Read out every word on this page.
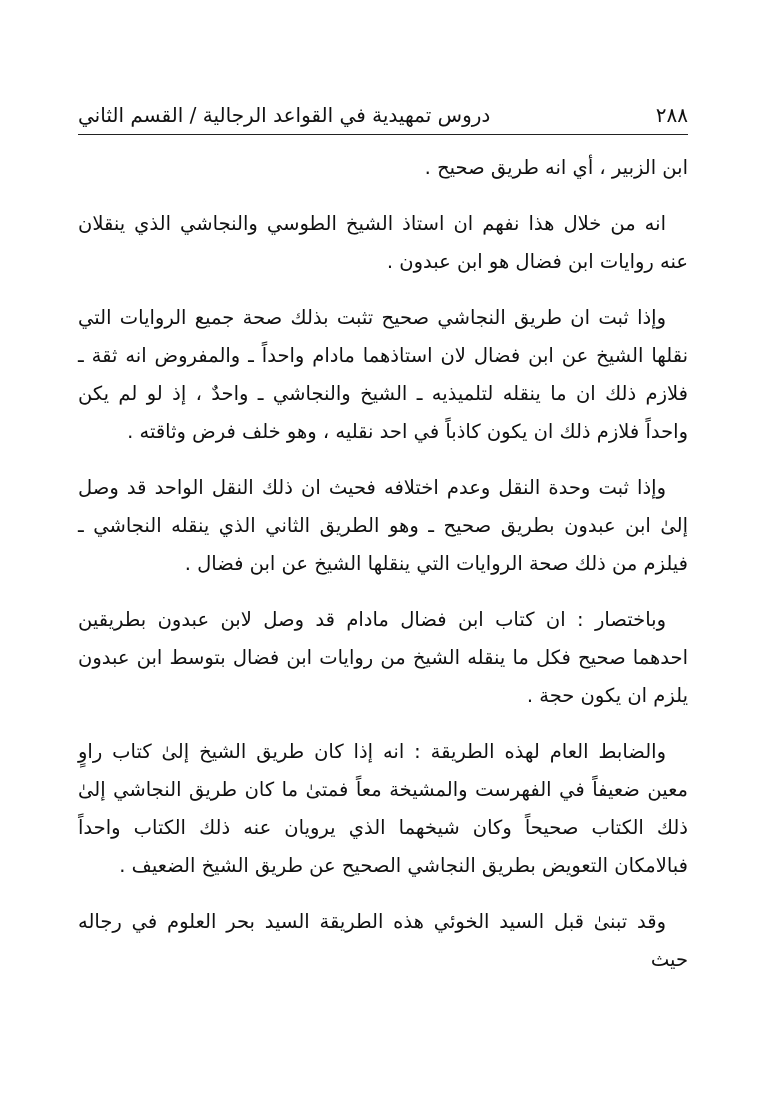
٢٨٨
دروس تمهيدية في القواعد الرجالية / القسم الثاني

ابن الزبير ، أي انه طريق صحيح .

انه من خلال هذا نفهم ان استاذ الشيخ الطوسي والنجاشي الذي ينقلان عنه روايات ابن فضال هو ابن عبدون .

وإذا ثبت ان طريق النجاشي صحيح تثبت بذلك صحة جميع الروايات التي نقلها الشيخ عن ابن فضال لان استاذهما مادام واحداً ـ والمفروض انه ثقة ـ فلازم ذلك ان ما ينقله لتلميذيه ـ الشيخ والنجاشي ـ واحدٌ ، إذ لو لم يكن واحداً فلازم ذلك ان يكون كاذباً في احد نقليه ، وهو خلف فرض وثاقته .

وإذا ثبت وحدة النقل وعدم اختلافه فحيث ان ذلك النقل الواحد قد وصل إلىٰ ابن عبدون بطريق صحيح ـ وهو الطريق الثاني الذي ينقله النجاشي ـ فيلزم من ذلك صحة الروايات التي ينقلها الشيخ عن ابن فضال .

وباختصار : ان كتاب ابن فضال مادام قد وصل لابن عبدون بطريقين احدهما صحيح فكل ما ينقله الشيخ من روايات ابن فضال بتوسط ابن عبدون يلزم ان يكون حجة .

والضابط العام لهذه الطريقة : انه إذا كان طريق الشيخ إلىٰ كتاب راوٍ معين ضعيفاً في الفهرست والمشيخة معاً فمتىٰ ما كان طريق النجاشي إلىٰ ذلك الكتاب صحيحاً وكان شيخهما الذي يرويان عنه ذلك الكتاب واحداً فبالامكان التعويض بطريق النجاشي الصحيح عن طريق الشيخ الضعيف .

وقد تبنىٰ قبل السيد الخوئي هذه الطريقة السيد بحر العلوم في رجاله حيث
